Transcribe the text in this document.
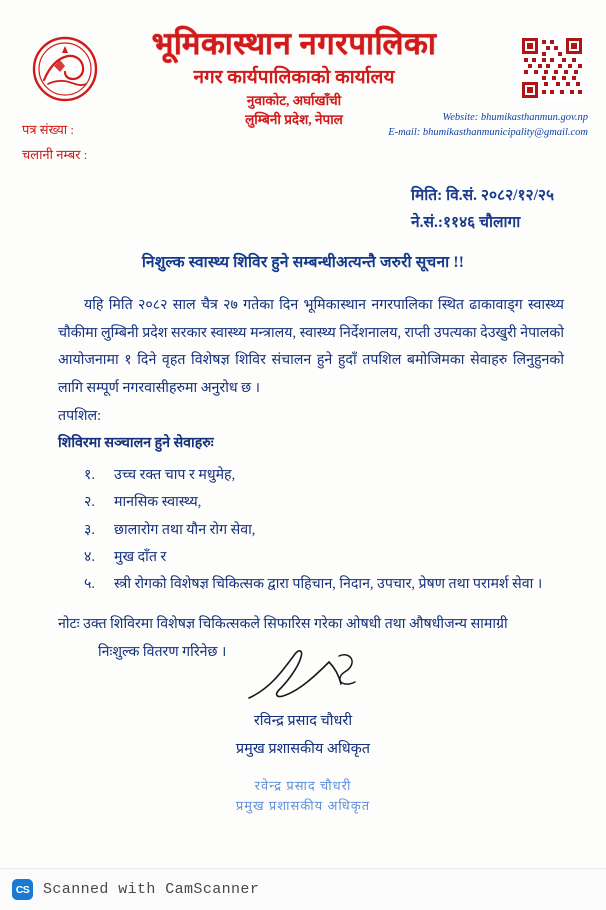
भूमिकास्थान नगरपालिका
नगर कार्यपालिकाको कार्यालय
नुवाकोट, अर्घाखाँची
लुम्बिनी प्रदेश, नेपाल	Website: bhumikasthanmun.gov.np
E-mail: bhumikasthanmunicipality@gmail.com
पत्र संख्या :
चलानी नम्बर :
मिति: वि.सं. २०८२/१२/२५
ने.सं.:११४६ चौलागा
निशुल्क स्वास्थ्य शिविर हुने सम्बन्धीअत्यन्तै जरुरी सूचना !!

यहि मिति २०८२ साल चैत्र २७ गतेका दिन भूमिकास्थान नगरपालिका स्थित ढाकावाड्ग स्वास्थ्य चौकीमा लुम्बिनी प्रदेश सरकार स्वास्थ्य मन्त्रालय, स्वास्थ्य निर्देशनालय, राप्ती उपत्यका देउखुरी नेपालको आयोजनामा १ दिने वृहत विशेषज्ञ शिविर संचालन हुने हुदाँ तपशिल बमोजिमका सेवाहरु लिनुहुनको लागि सम्पूर्ण नगरवासीहरुमा अनुरोध छ ।

तपशिल:

शिविरमा सञ्चालन हुने सेवाहरुः

१.	उच्च रक्त चाप र मधुमेह,
२.	मानसिक स्वास्थ्य,
३.	छालारोग तथा यौन रोग सेवा,
४.	मुख दाँत र
५.	स्त्री रोगको विशेषज्ञ चिकित्सक द्वारा पहिचान, निदान, उपचार, प्रेषण तथा परामर्श सेवा ।
नोटः उक्त शिविरमा विशेषज्ञ चिकित्सकले सिफारिस गरेका ओषधी तथा औषधीजन्य सामाग्री
निःशुल्क वितरण गरिनेछ ।
रविन्द्र प्रसाद चौधरी
प्रमुख प्रशासकीय अधिकृत
रवेन्द्र प्रसाद चौधरी
प्रमुख प्रशासकीय अधिकृत
CS Scanned with CamScanner
